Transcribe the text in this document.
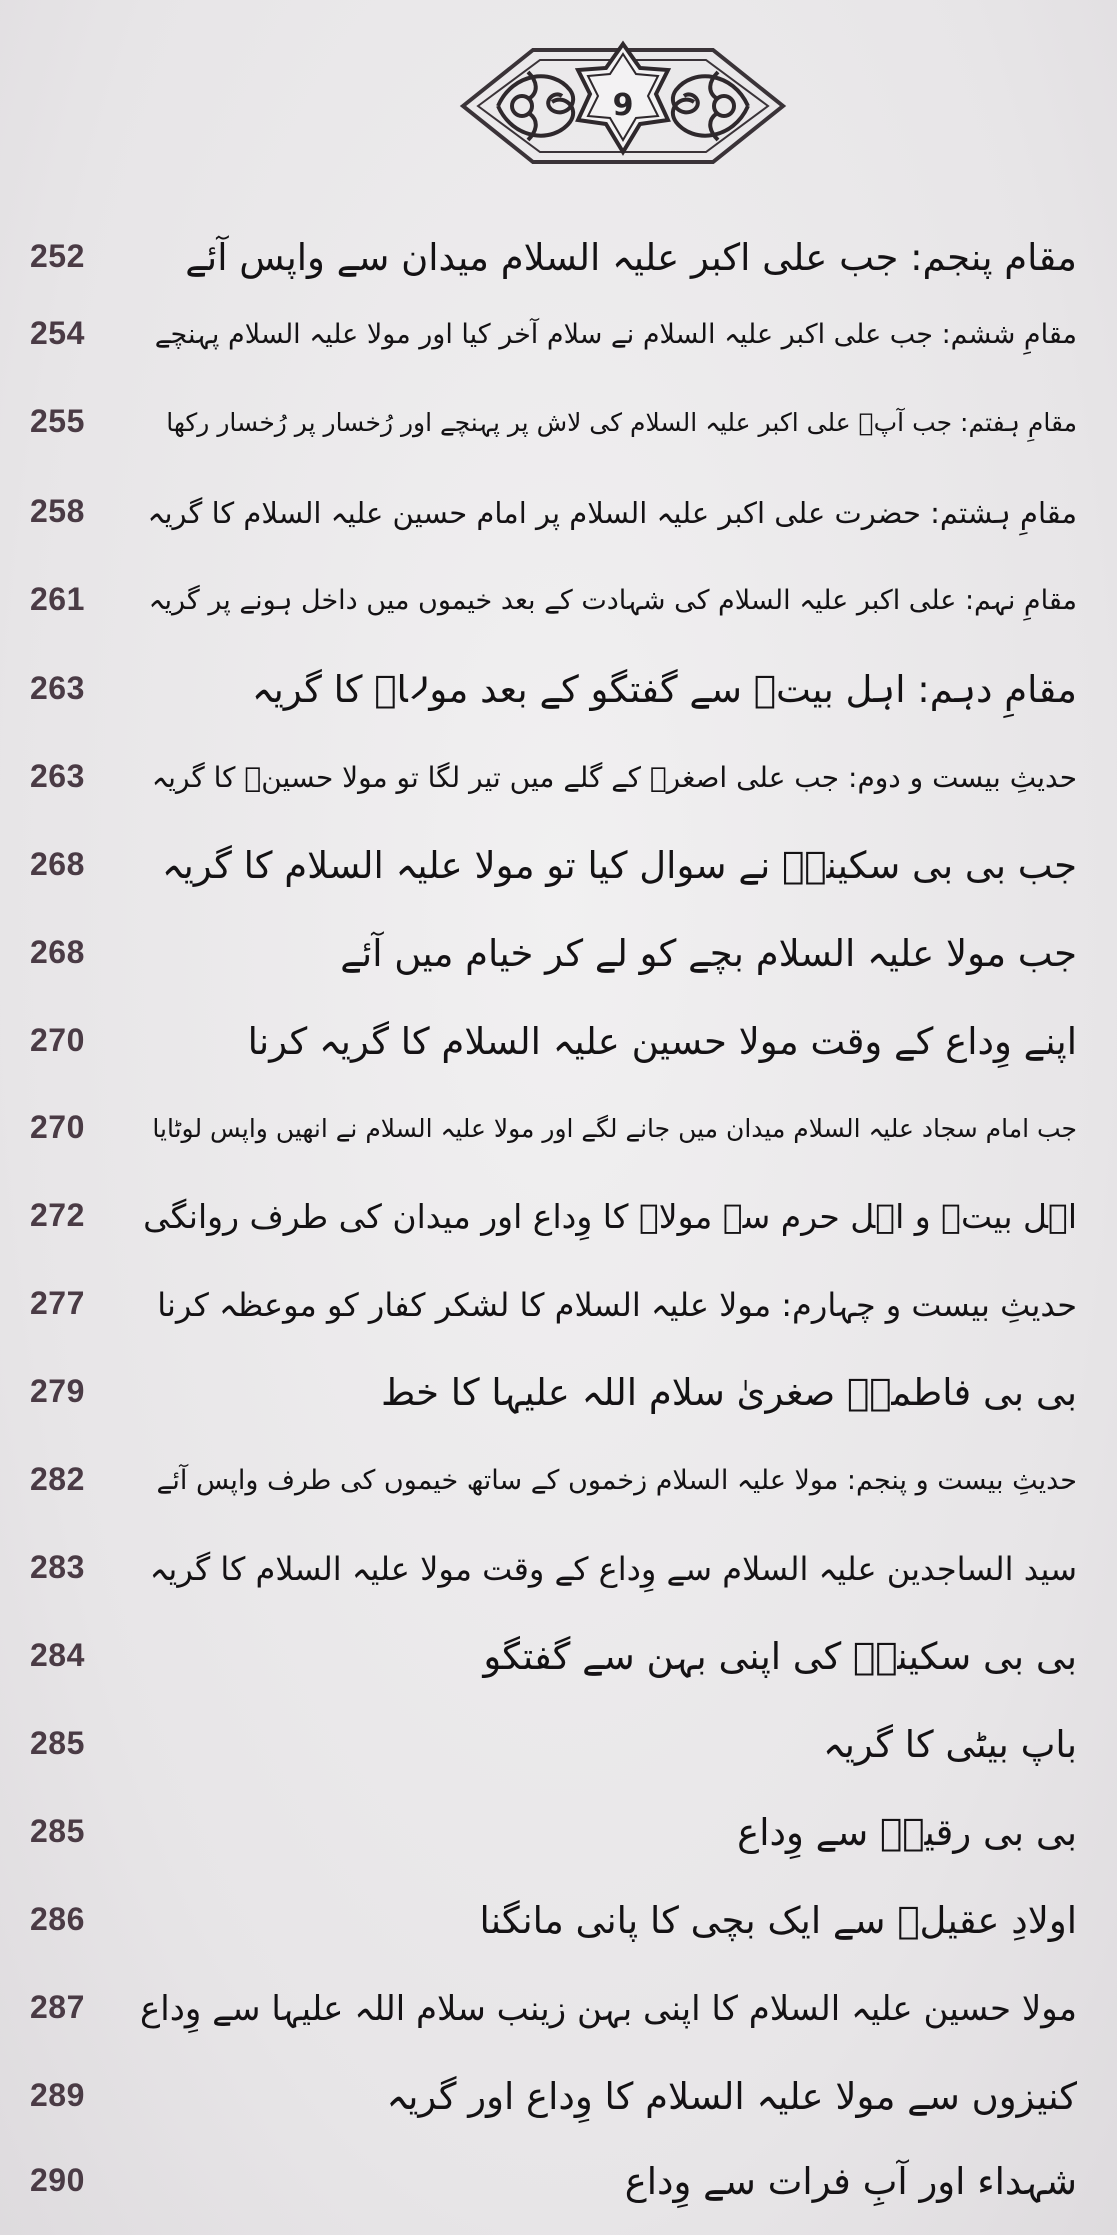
9
252	مقام پنجم: جب علی اکبر علیہ السلام میدان سے واپس آئے
254	مقامِ ششم: جب علی اکبر علیہ السلام نے سلام آخر کیا اور مولا علیہ السلام پہنچے
255	مقامِ ہفتم: جب آپؑ علی اکبر علیہ السلام کی لاش پر پہنچے اور رُخسار پر رُخسار رکھا
258	مقامِ ہشتم: حضرت علی اکبر علیہ السلام پر امام حسین علیہ السلام کا گریہ
261	مقامِ نہم: علی اکبر علیہ السلام کی شہادت کے بعد خیموں میں داخل ہونے پر گریہ
263	مقامِ دہم: اہل بیتؑ سے گفتگو کے بعد مولاؑ کا گریہ
263	حدیثِ بیست و دوم: جب علی اصغرؑ کے گلے میں تیر لگا تو مولا حسینؑ کا گریہ
268	جب بی بی سکینہؑ نے سوال کیا تو مولا علیہ السلام کا گریہ
268	جب مولا علیہ السلام بچے کو لے کر خیام میں آئے
270	اپنے وِداع کے وقت مولا حسین علیہ السلام کا گریہ کرنا
270	جب امام سجاد علیہ السلام میدان میں جانے لگے اور مولا علیہ السلام نے انھیں واپس لوٹایا
272	اہل بیتؑ و اہل حرم سے مولاؑ کا وِداع اور میدان کی طرف روانگی
277	حدیثِ بیست و چہارم: مولا علیہ السلام کا لشکر کفار کو موعظہ کرنا
279	بی بی فاطمہؑ صغریٰ سلام اللہ علیہا کا خط
282	حدیثِ بیست و پنجم: مولا علیہ السلام زخموں کے ساتھ خیموں کی طرف واپس آئے
283	سید الساجدین علیہ السلام سے وِداع کے وقت مولا علیہ السلام کا گریہ
284	بی بی سکینہؑ کی اپنی بہن سے گفتگو
285	باپ بیٹی کا گریہ
285	بی بی رقیہؑ سے وِداع
286	اولادِ عقیلؑ سے ایک بچی کا پانی مانگنا
287	مولا حسین علیہ السلام کا اپنی بہن زینب سلام اللہ علیہا سے وِداع
289	کنیزوں سے مولا علیہ السلام کا وِداع اور گریہ
290	شہداء اور آبِ فرات سے وِداع
